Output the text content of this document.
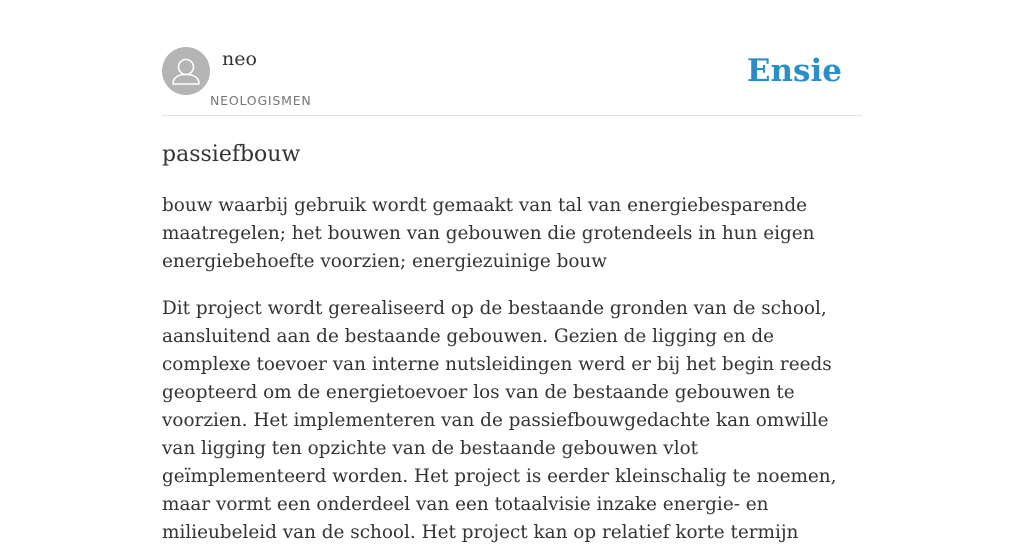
neo
NEOLOGISMEN
Ensie
passiefbouw

bouw waarbij gebruik wordt gemaakt van tal van energiebesparende maatregelen; het bouwen van gebouwen die grotendeels in hun eigen energiebehoefte voorzien; energiezuinige bouw

Dit project wordt gerealiseerd op de bestaande gronden van de school, aansluitend aan de bestaande gebouwen. Gezien de ligging en de complexe toevoer van interne nutsleidingen werd er bij het begin reeds geopteerd om de energietoevoer los van de bestaande gebouwen te voorzien. Het implementeren van de passiefbouwgedachte kan omwille van ligging ten opzichte van de bestaande gebouwen vlot geïmplementeerd worden. Het project is eerder kleinschalig te noemen, maar vormt een onderdeel van een totaalvisie inzake energie- en milieubeleid van de school. Het project kan op relatief korte termijn
